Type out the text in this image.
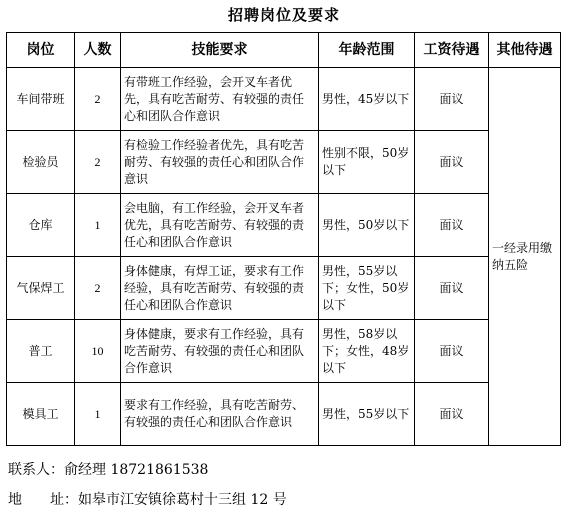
招聘岗位及要求
岗位	人数	技能要求	年龄范围	工资待遇	其他待遇
车间带班	2	有带班工作经验，会开叉车者优先，具有吃苦耐劳、有较强的责任心和团队合作意识	男性，45岁以下	面议	一经录用缴纳五险
检验员	2	有检验工作经验者优先，具有吃苦耐劳、有较强的责任心和团队合作意识	性别不限，50岁以下	面议	
仓库	1	会电脑，有工作经验，会开叉车者优先，具有吃苦耐劳、有较强的责任心和团队合作意识	男性，50岁以下	面议	
气保焊工	2	身体健康，有焊工证，要求有工作经验，具有吃苦耐劳、有较强的责任心和团队合作意识	男性，55岁以下；女性，50岁以下	面议	
普工	10	身体健康，要求有工作经验，具有吃苦耐劳、有较强的责任心和团队合作意识	男性，58岁以下；女性，48岁以下	面议	
模具工	1	要求有工作经验，具有吃苦耐劳、有较强的责任心和团队合作意识	男性，55岁以下	面议	
联系人：俞经理 18721861538
地 址：如皋市江安镇徐葛村十三组 12 号
